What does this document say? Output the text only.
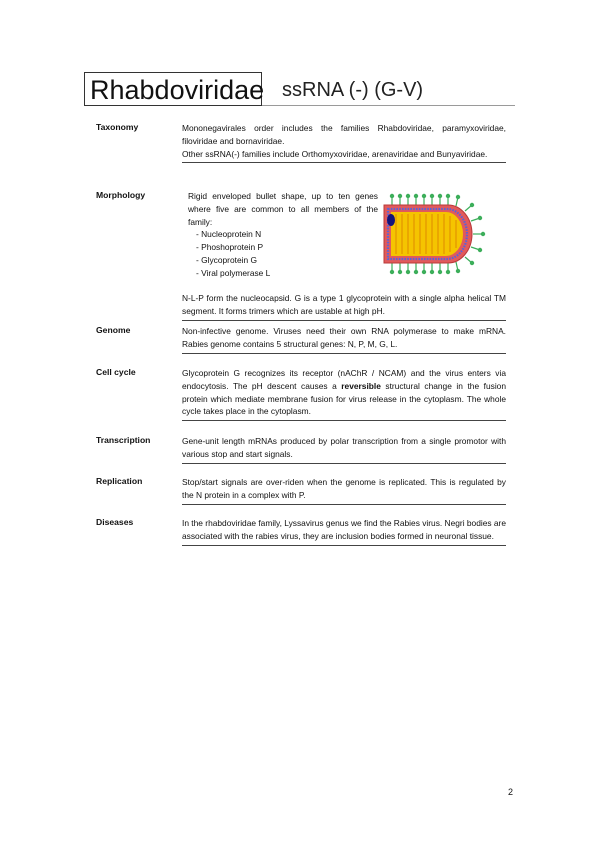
Rhabdoviridae ssRNA (-) (G-V)
Taxonomy	Mononegavirales order includes the families Rhabdoviridae, paramyxoviridae, filoviridae and bornaviridae.

Other ssRNA(-) families include Orthomyxoviridae, arenaviridae and Bunyaviridae.

Morphology	Rigid enveloped bullet shape, up to ten genes where five are common to all members of the family:

- Nucleoprotein N

- Phoshoprotein P

- Glycoprotein G

- Viral polymerase L

N-L-P form the nucleocapsid. G is a type 1 glycoprotein with a single alpha helical TM segment. It forms trimers which are ustable at high pH.

Genome	Non-infective genome. Viruses need their own RNA polymerase to make mRNA. Rabies genome contains 5 structural genes: N, P, M, G, L.

Cell cycle	Glycoprotein G recognizes its receptor (nAChR / NCAM) and the virus enters via endocytosis. The pH descent causes a reversible structural change in the fusion protein which mediate membrane fusion for virus release in the cytoplasm. The whole cycle takes place in the cytoplasm.

Transcription	Gene-unit length mRNAs produced by polar transcription from a single promotor with various stop and start signals.

Replication	Stop/start signals are over-riden when the genome is replicated. This is regulated by the N protein in a complex with P.

Diseases	In the rhabdoviridae family, Lyssavirus genus we find the Rabies virus. Negri bodies are associated with the rabies virus, they are inclusion bodies formed in neuronal tissue.

2
